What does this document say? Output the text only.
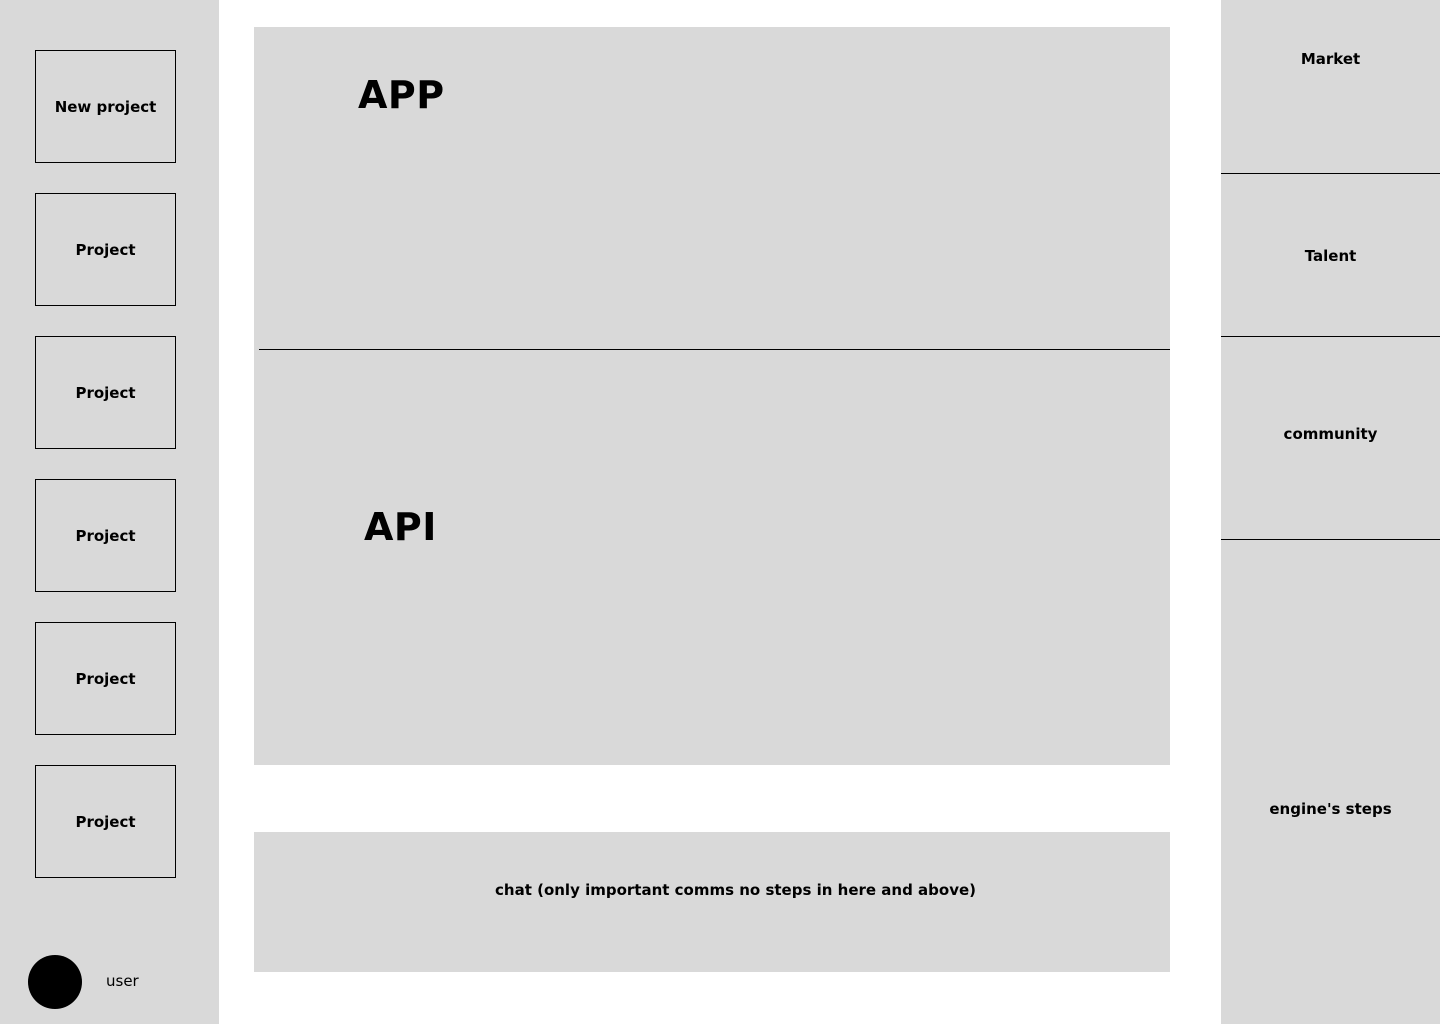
New project
Project
Project
Project
Project
Project
user
APP
API
chat (only important comms no steps in here and above)
Market
Talent
community
engine's steps
